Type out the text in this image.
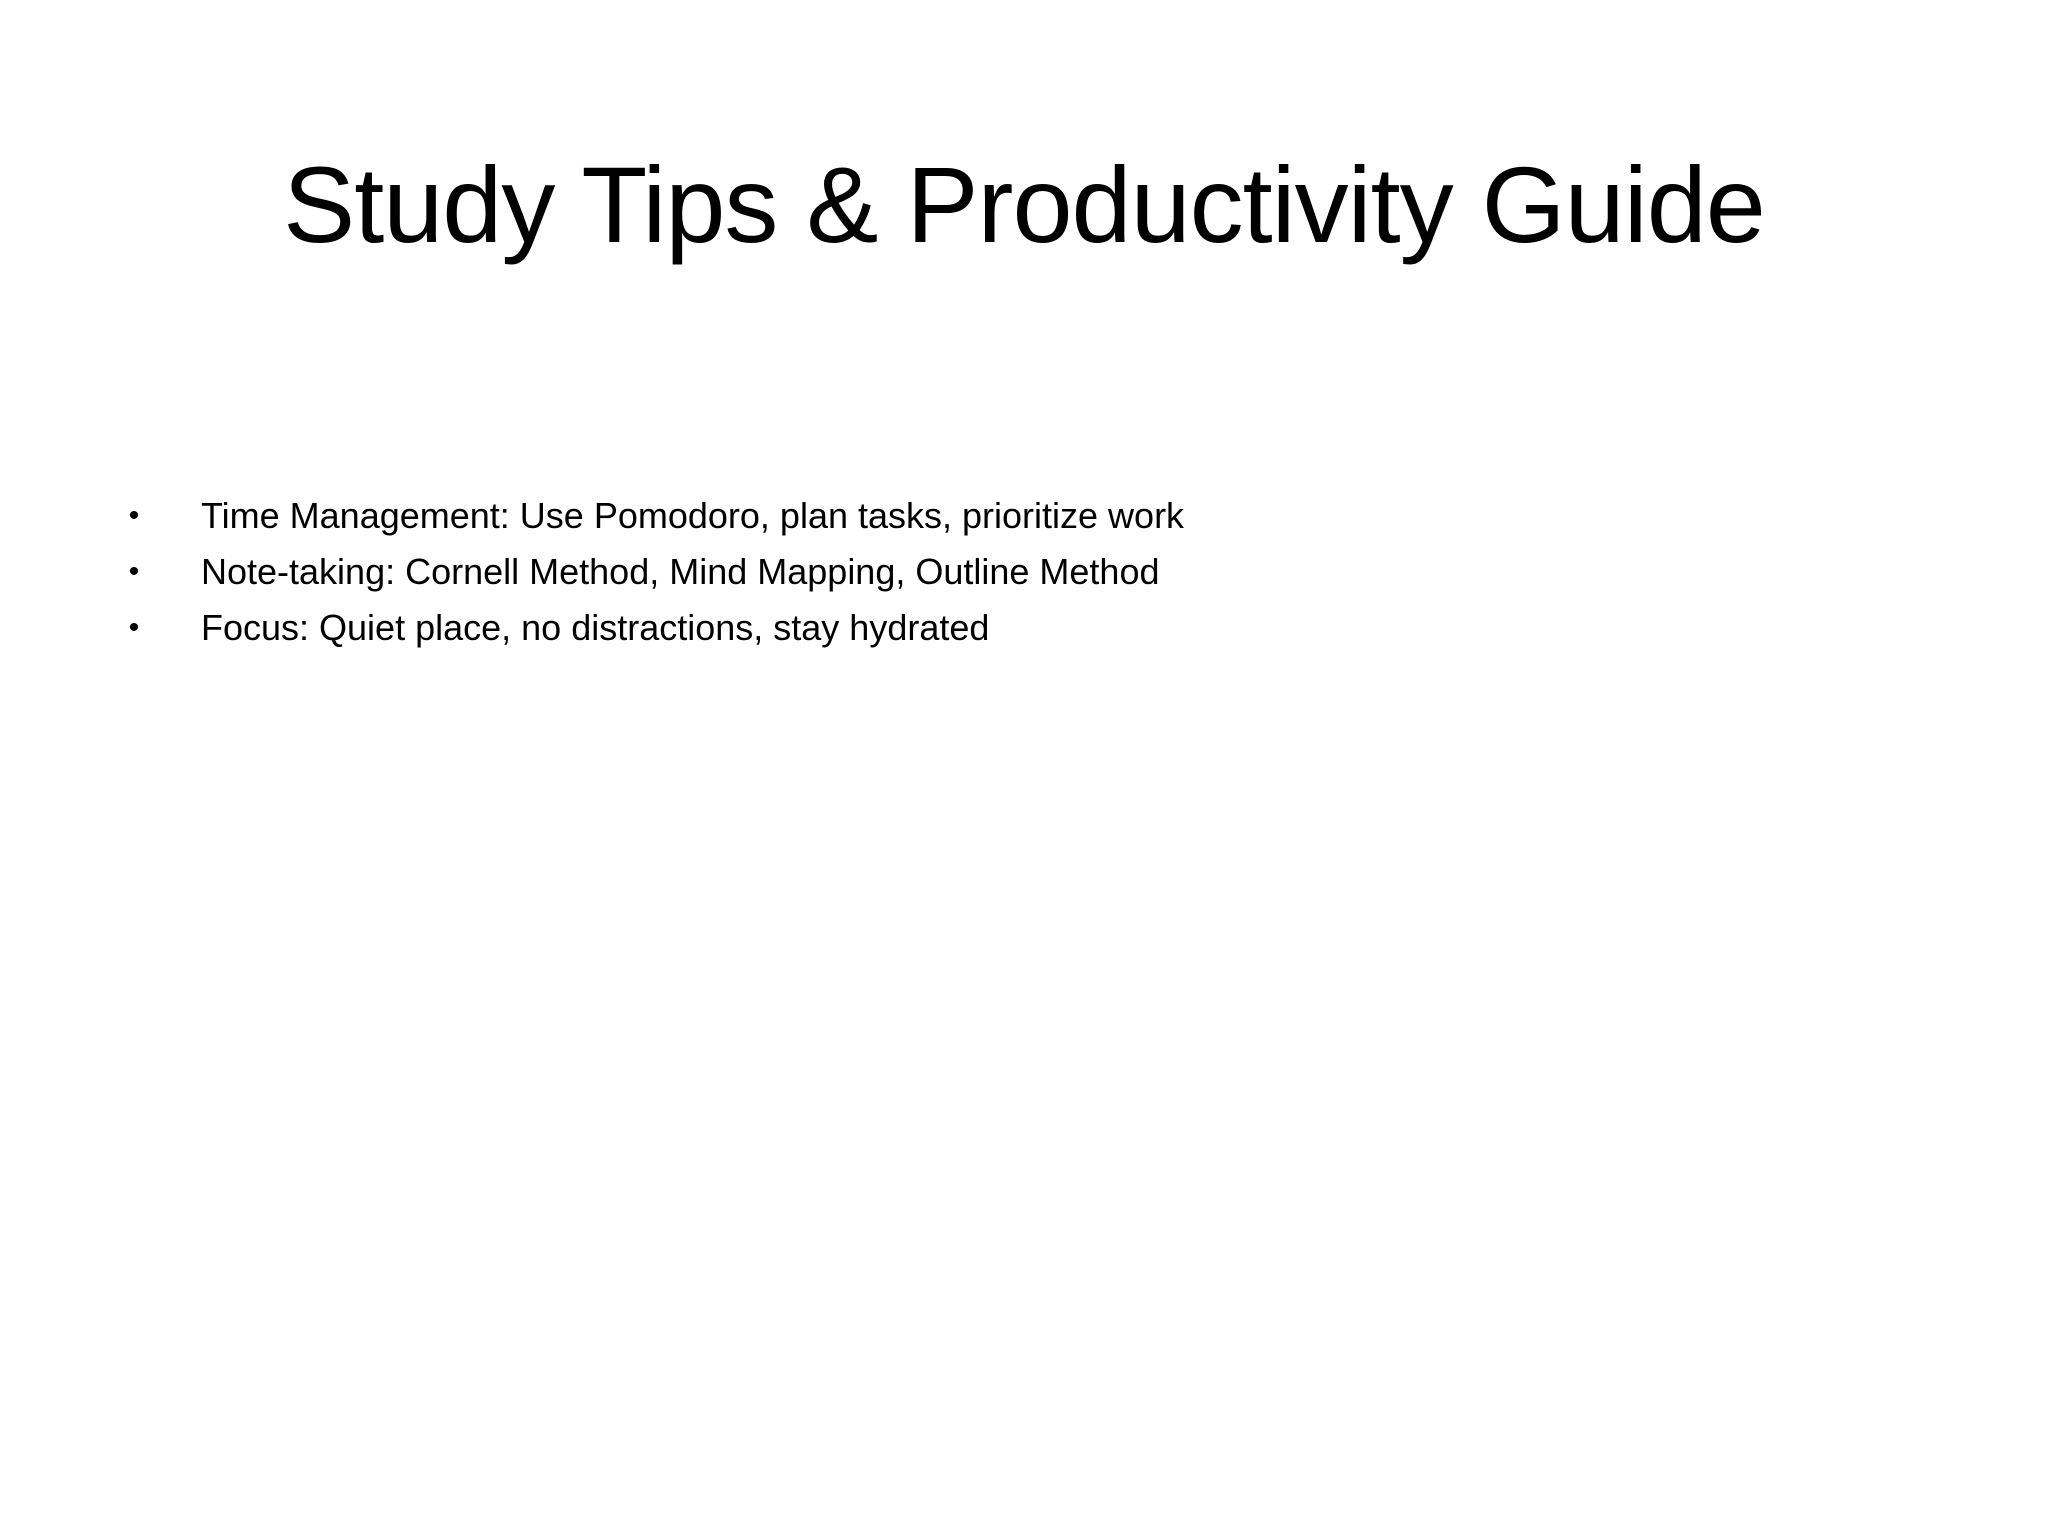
Study Tips & Productivity Guide
• Time Management: Use Pomodoro, plan tasks, prioritize work
• Note-taking: Cornell Method, Mind Mapping, Outline Method
• Focus: Quiet place, no distractions, stay hydrated
